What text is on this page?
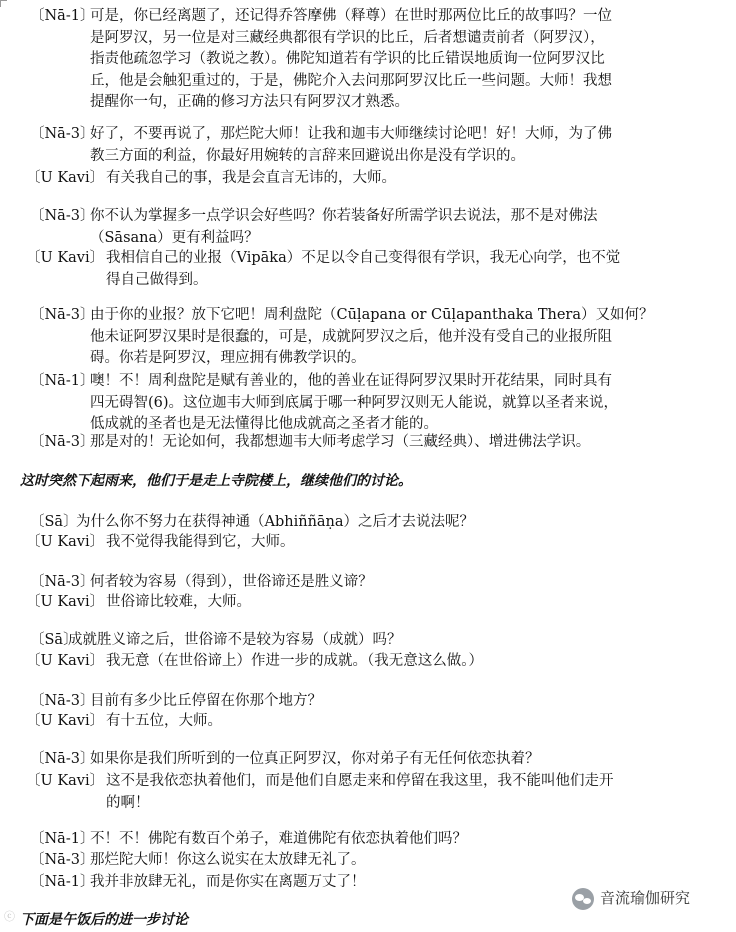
〔Nā-1〕
可是，你已经离题了，还记得乔答摩佛（释尊）在世时那两位比丘的故事吗？一位
是阿罗汉，另一位是对三藏经典都很有学识的比丘，后者想谴责前者（阿罗汉），
指责他疏忽学习（教说之教）。佛陀知道若有学识的比丘错误地质询一位阿罗汉比
丘，他是会触犯重过的，于是，佛陀介入去问那阿罗汉比丘一些问题。大师！我想
提醒你一句，正确的修习方法只有阿罗汉才熟悉。
〔Nā-3〕
好了，不要再说了，那烂陀大师！让我和迦韦大师继续讨论吧！好！大师，为了佛
教三方面的利益，你最好用婉转的言辞来回避说出你是没有学识的。
〔U Kavi〕 有关我自己的事，我是会直言无讳的，大师。
〔Nā-3〕
你不认为掌握多一点学识会好些吗？你若装备好所需学识去说法，那不是对佛法
（Sāsana）更有利益吗？
〔U Kavi〕 我相信自己的业报（Vipāka）不足以令自己变得很有学识，我无心向学，也不觉
得自己做得到。
〔Nā-3〕
由于你的业报？放下它吧！周利盘陀（Cūḷapana or Cūḷapanthaka Thera）又如何？
他未证阿罗汉果时是很蠢的，可是，成就阿罗汉之后，他并没有受自己的业报所阻
碍。你若是阿罗汉，理应拥有佛教学识的。
〔Nā-1〕
噢！不！周利盘陀是赋有善业的，他的善业在证得阿罗汉果时开花结果，同时具有
四无碍智(6)。这位迦韦大师到底属于哪一种阿罗汉则无人能说，就算以圣者来说，
低成就的圣者也是无法懂得比他成就高之圣者才能的。
〔Nā-3〕
那是对的！无论如何，我都想迦韦大师考虑学习（三藏经典）、增进佛法学识。
这时突然下起雨来，他们于是走上寺院楼上，继续他们的讨论。
〔Sā〕
为什么你不努力在获得神通（Abhiññāṇa）之后才去说法呢？
〔U Kavi〕 我不觉得我能得到它，大师。
〔Nā-3〕
何者较为容易（得到），世俗谛还是胜义谛？
〔U Kavi〕 世俗谛比较难，大师。
〔Sā〕
成就胜义谛之后，世俗谛不是较为容易（成就）吗？
〔U Kavi〕 我无意（在世俗谛上）作进一步的成就。（我无意这么做。）
〔Nā-3〕
目前有多少比丘停留在你那个地方？
〔U Kavi〕 有十五位，大师。
〔Nā-3〕
如果你是我们所听到的一位真正阿罗汉，你对弟子有无任何依恋执着？
〔U Kavi〕 这不是我依恋执着他们，而是他们自愿走来和停留在我这里，我不能叫他们走开
的啊！
〔Nā-1〕
不！不！佛陀有数百个弟子，难道佛陀有依恋执着他们吗？
〔Nā-3〕
那烂陀大师！你这么说实在太放肆无礼了。
〔Nā-1〕
我并非放肆无礼，而是你实在离题万丈了！
下面是午饭后的进一步讨论
ⓒ
音流瑜伽研究
